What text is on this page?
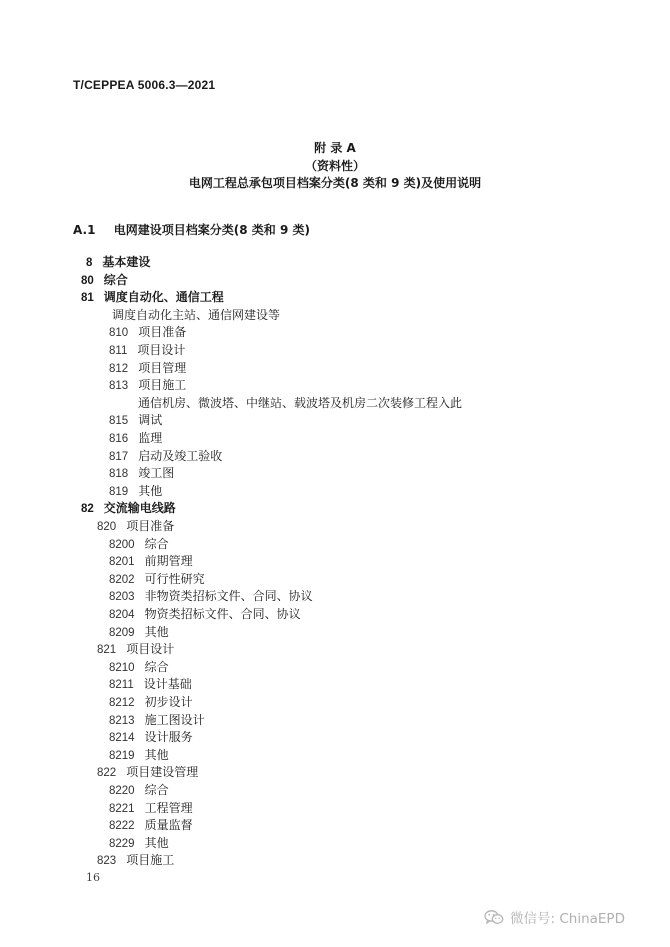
T/CEPPEA 5006.3—2021
附 录 A
（资料性）
电网工程总承包项目档案分类(8 类和 9 类)及使用说明
A.1 电网建设项目档案分类(8 类和 9 类)
8 基本建设
80 综合
81 调度自动化、通信工程
调度自动化主站、通信网建设等
810 项目准备
811 项目设计
812 项目管理
813 项目施工
通信机房、微波塔、中继站、载波塔及机房二次装修工程入此
815 调试
816 监理
817 启动及竣工验收
818 竣工图
819 其他
82 交流输电线路
820 项目准备
8200 综合
8201 前期管理
8202 可行性研究
8203 非物资类招标文件、合同、协议
8204 物资类招标文件、合同、协议
8209 其他
821 项目设计
8210 综合
8211 设计基础
8212 初步设计
8213 施工图设计
8214 设计服务
8219 其他
822 项目建设管理
8220 综合
8221 工程管理
8222 质量监督
8229 其他
823 项目施工
16
微信号: ChinaEPD
